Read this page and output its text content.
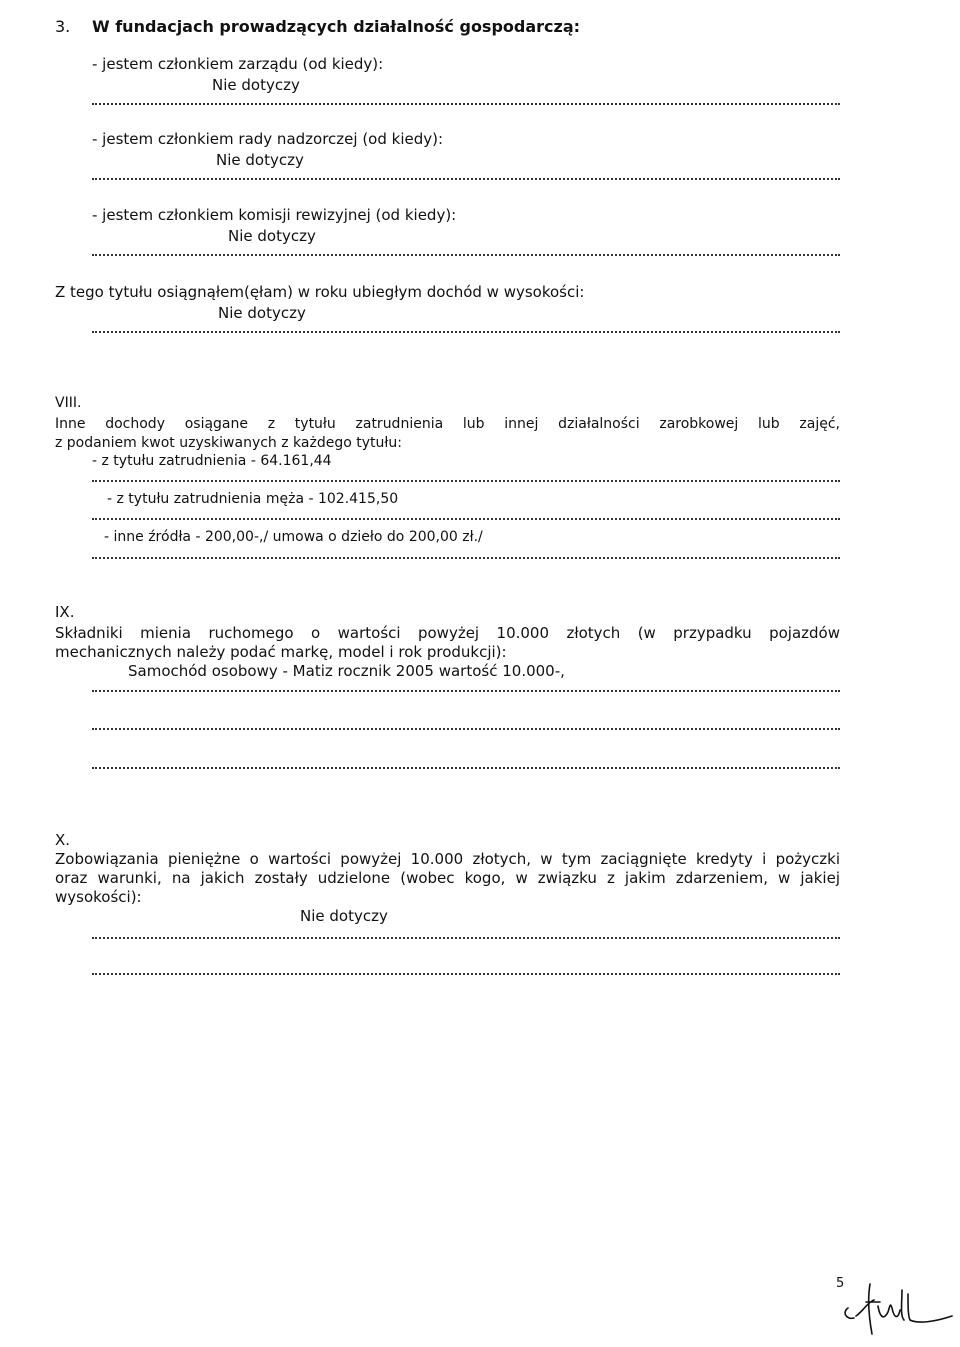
3. W fundacjach prowadzących działalność gospodarczą:
- jestem członkiem zarządu (od kiedy):
Nie dotyczy
- jestem członkiem rady nadzorczej (od kiedy):
Nie dotyczy
- jestem członkiem komisji rewizyjnej (od kiedy):
Nie dotyczy
Z tego tytułu osiągnąłem(ęłam) w roku ubiegłym dochód w wysokości:
Nie dotyczy
VIII.
Inne dochody osiągane z tytułu zatrudnienia lub innej działalności zarobkowej lub zajęć,
z podaniem kwot uzyskiwanych z każdego tytułu:
- z tytułu zatrudnienia - 64.161,44
- z tytułu zatrudnienia męża - 102.415,50
- inne źródła - 200,00-,/ umowa o dzieło do 200,00 zł./
IX.
Składniki mienia ruchomego o wartości powyżej 10.000 złotych (w przypadku pojazdów
mechanicznych należy podać markę, model i rok produkcji):
Samochód osobowy - Matiz rocznik 2005 wartość 10.000-,
X.
Zobowiązania pieniężne o wartości powyżej 10.000 złotych, w tym zaciągnięte kredyty i pożyczki
oraz warunki, na jakich zostały udzielone (wobec kogo, w związku z jakim zdarzeniem, w jakiej
wysokości):
Nie dotyczy
5
